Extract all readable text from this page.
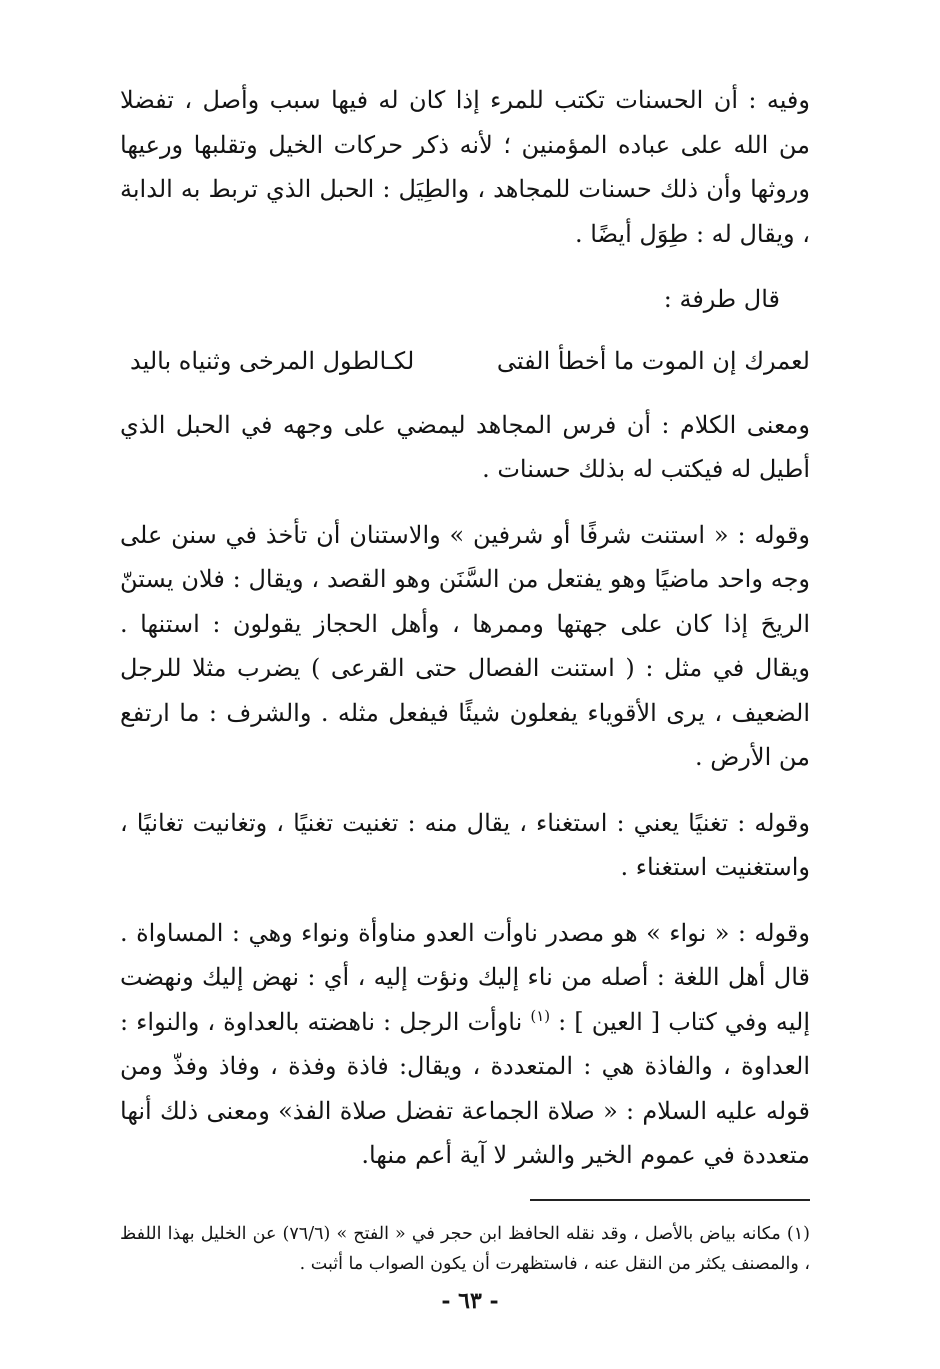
وفيه : أن الحسنات تكتب للمرء إذا كان له فيها سبب وأصل ، تفضلا من الله على عباده المؤمنين ؛ لأنه ذكر حركات الخيل وتقلبها ورعيها وروثها وأن ذلك حسنات للمجاهد ، والطِيَل : الحبل الذي تربط به الدابة ، ويقال له : طِوَل أيضًا .

قال طرفة :
لعمرك إن الموت ما أخطأ الفتى
لكـالطول المرخى وثنياه باليد

ومعنى الكلام : أن فرس المجاهد ليمضي على وجهه في الحبل الذي أطيل له فيكتب له بذلك حسنات .

وقوله : « استنت شرفًا أو شرفين » والاستنان أن تأخذ في سنن على وجه واحد ماضيًا وهو يفتعل من السَّنَن وهو القصد ، ويقال : فلان يستنّ الريحَ إذا كان على جهتها وممرها ، وأهل الحجاز يقولون : استنها . ويقال في مثل : ( استنت الفصال حتى القرعى ) يضرب مثلا للرجل الضعيف ، يرى الأقوياء يفعلون شيئًا فيفعل مثله . والشرف : ما ارتفع من الأرض .

وقوله : تغنيًا يعني : استغناء ، يقال منه : تغنيت تغنيًا ، وتغانيت تغانيًا ، واستغنيت استغناء .

وقوله : « نواء » هو مصدر ناوأت العدو مناوأة ونواء وهي : المساواة . قال أهل اللغة : أصله من ناء إليك ونؤت إليه ، أي : نهض إليك ونهضت إليه وفي كتاب [ العين ] : $^{(١)}$ ناوأت الرجل : ناهضته بالعداوة ، والنواء : العداوة ، والفاذة هي : المتعددة ، ويقال: فاذة وفذة ، وفاذ وفذّ ومن قوله عليه السلام : « صلاة الجماعة تفضل صلاة الفذ» ومعنى ذلك أنها متعددة في عموم الخير والشر لا آية أعم منها.

(١) مكانه بياض بالأصل ، وقد نقله الحافظ ابن حجر في « الفتح » (٧٦/٦) عن الخليل بهذا اللفظ ، والمصنف يكثر من النقل عنه ، فاستظهرت أن يكون الصواب ما أثبت .
- ٦٣ -
